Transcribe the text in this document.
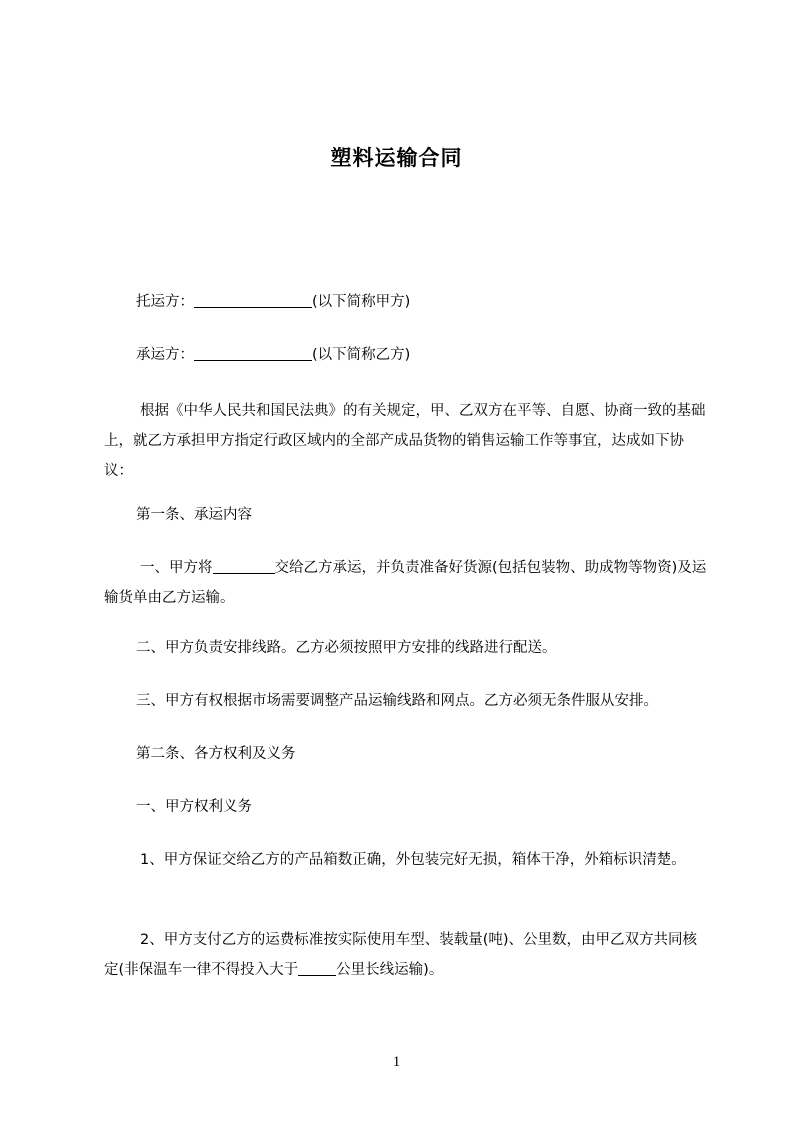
塑料运输合同
托运方：	(以下简称甲方)
承运方：	(以下简称乙方)
根据《中华人民共和国民法典》的有关规定，甲、乙双方在平等、自愿、协商一致的基础上，就乙方承担甲方指定行政区域内的全部产成品货物的销售运输工作等事宜，达成如下协议：
第一条、承运内容
一、甲方将	交给乙方承运，并负责准备好货源(包括包装物、助成物等物资)及运输货单由乙方运输。
二、甲方负责安排线路。乙方必须按照甲方安排的线路进行配送。
三、甲方有权根据市场需要调整产品运输线路和网点。乙方必须无条件服从安排。
第二条、各方权利及义务
一、甲方权利义务
1、甲方保证交给乙方的产品箱数正确，外包装完好无损，箱体干净，外箱标识清楚。
2、甲方支付乙方的运费标准按实际使用车型、装载量(吨)、公里数，由甲乙双方共同核定(非保温车一律不得投入大于	公里长线运输)。
1
